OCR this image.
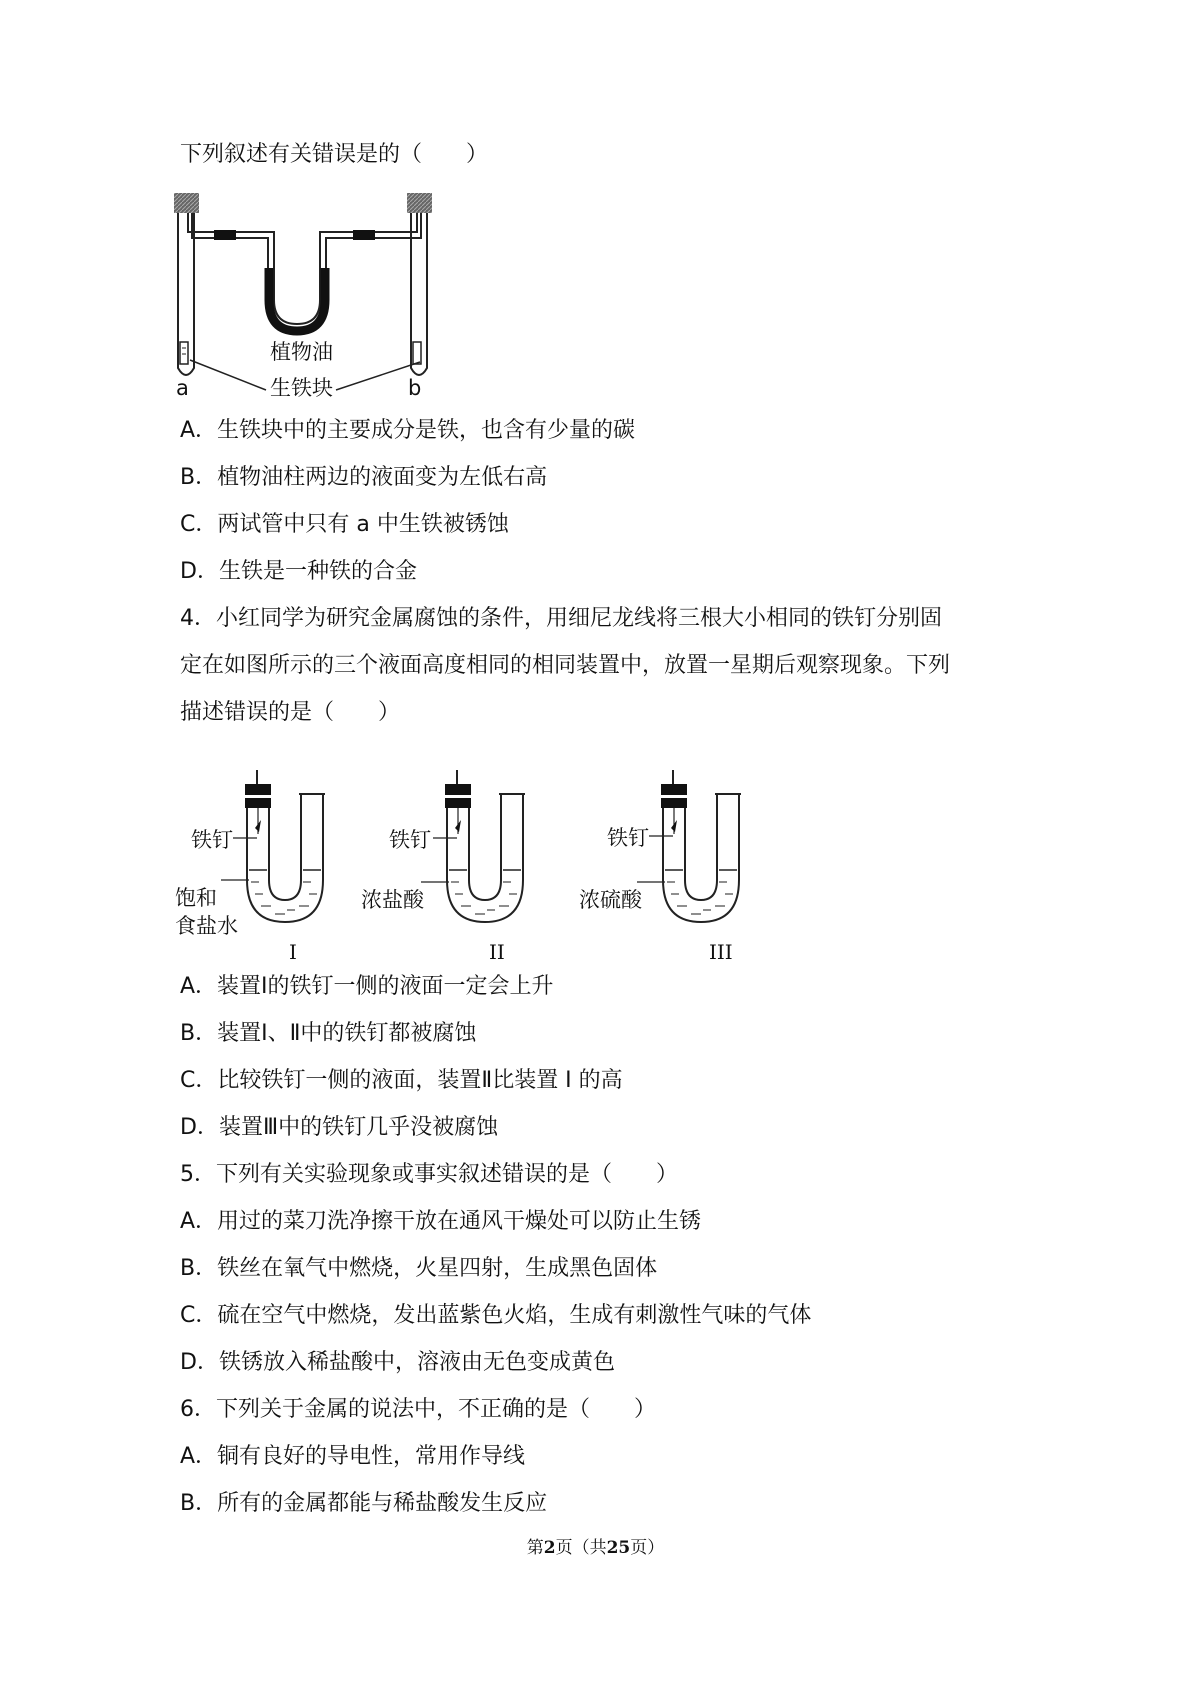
下列叙述有关错误是的（　　）
植物油
生铁块
a	b
A．生铁块中的主要成分是铁，也含有少量的碳
B．植物油柱两边的液面变为左低右高
C．两试管中只有 a 中生铁被锈蚀
D．生铁是一种铁的合金
4．小红同学为研究金属腐蚀的条件，用细尼龙线将三根大小相同的铁钉分别固
定在如图所示的三个液面高度相同的相同装置中，放置一星期后观察现象。下列
描述错误的是（　　）
铁钉
饱和
食盐水
铁钉
浓盐酸
铁钉
浓硫酸
I	II	III
A．装置Ⅰ的铁钉一侧的液面一定会上升
B．装置Ⅰ、Ⅱ中的铁钉都被腐蚀
C．比较铁钉一侧的液面，装置Ⅱ比装置 I 的高
D．装置Ⅲ中的铁钉几乎没被腐蚀
5．下列有关实验现象或事实叙述错误的是（　　）
A．用过的菜刀洗净擦干放在通风干燥处可以防止生锈
B．铁丝在氧气中燃烧，火星四射，生成黑色固体
C．硫在空气中燃烧，发出蓝紫色火焰，生成有刺激性气味的气体
D．铁锈放入稀盐酸中，溶液由无色变成黄色
6．下列关于金属的说法中，不正确的是（　　）
A．铜有良好的导电性，常用作导线
B．所有的金属都能与稀盐酸发生反应
第2页（共25页）
